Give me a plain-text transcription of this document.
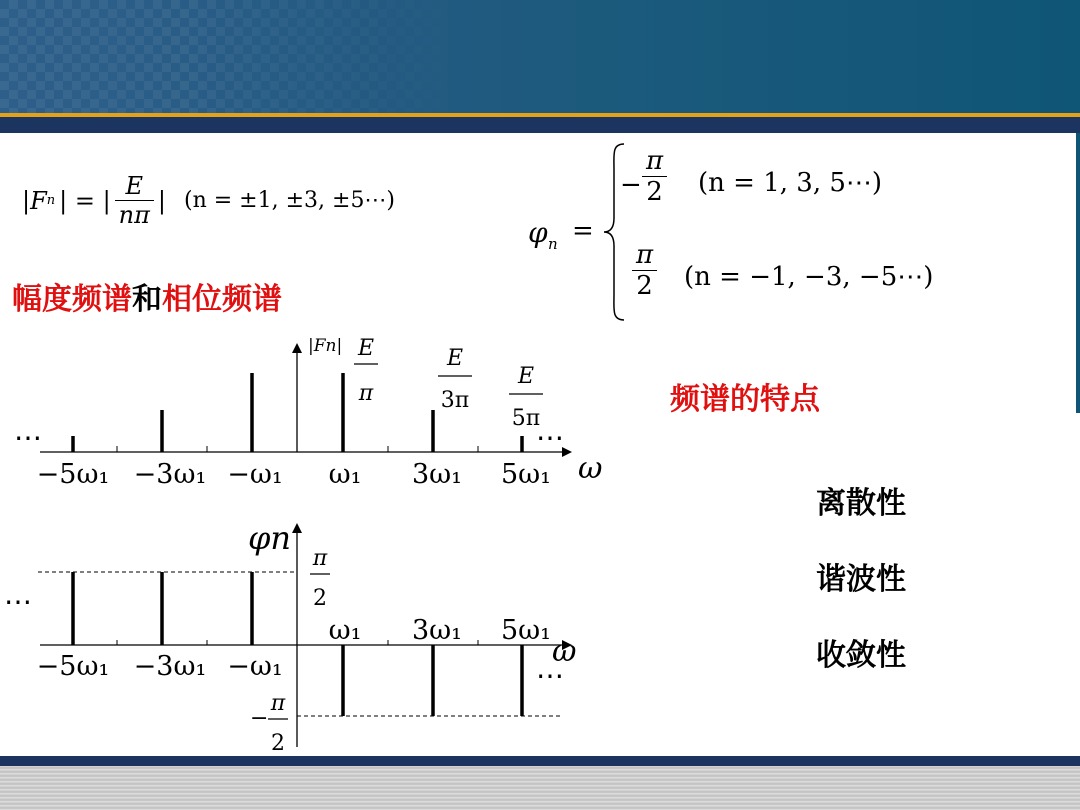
|F n | = | $\frac{E}{n\pi}$ | (n = ±1, ±3, ±5⋯)
φ n =
− $\frac{\pi}{2} (n = 1$, 3, 5⋯)
$\frac{\pi}{2} (n = -1$, −3, −5⋯)
幅度频谱和相位频谱
频谱的特点
离散性
谐波性
收敛性
⋯	⋯
|Fn|
ω
−5ω₁ −3ω₁ −ω₁ ω₁ 3ω₁ 5ω₁
E
π
E
3π
E
5π
⋯
⋯
φn
ω
−5ω₁ −3ω₁ −ω₁
ω₁ 3ω₁ 5ω₁
π
2
−
π
2
